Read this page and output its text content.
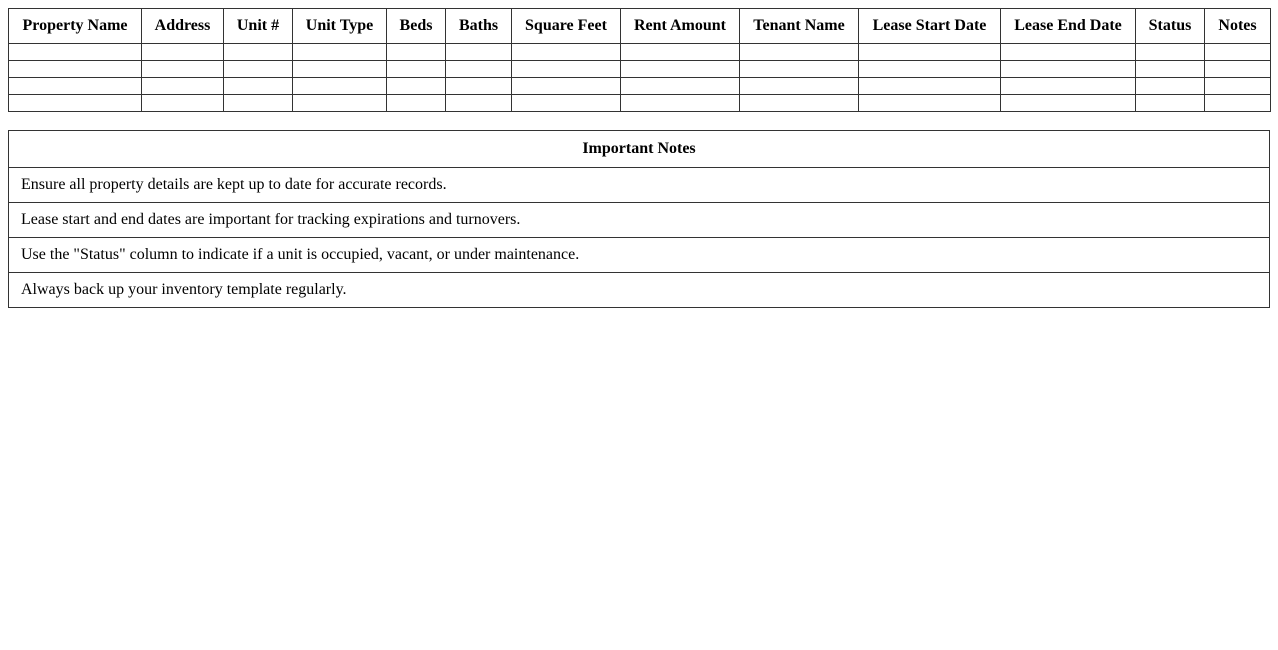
Property Name	Address	Unit #	Unit Type	Beds	Baths	Square Feet	Rent Amount	Tenant Name	Lease Start Date	Lease End Date	Status	Notes

Important Notes
Ensure all property details are kept up to date for accurate records.
Lease start and end dates are important for tracking expirations and turnovers.
Use the "Status" column to indicate if a unit is occupied, vacant, or under maintenance.
Always back up your inventory template regularly.
